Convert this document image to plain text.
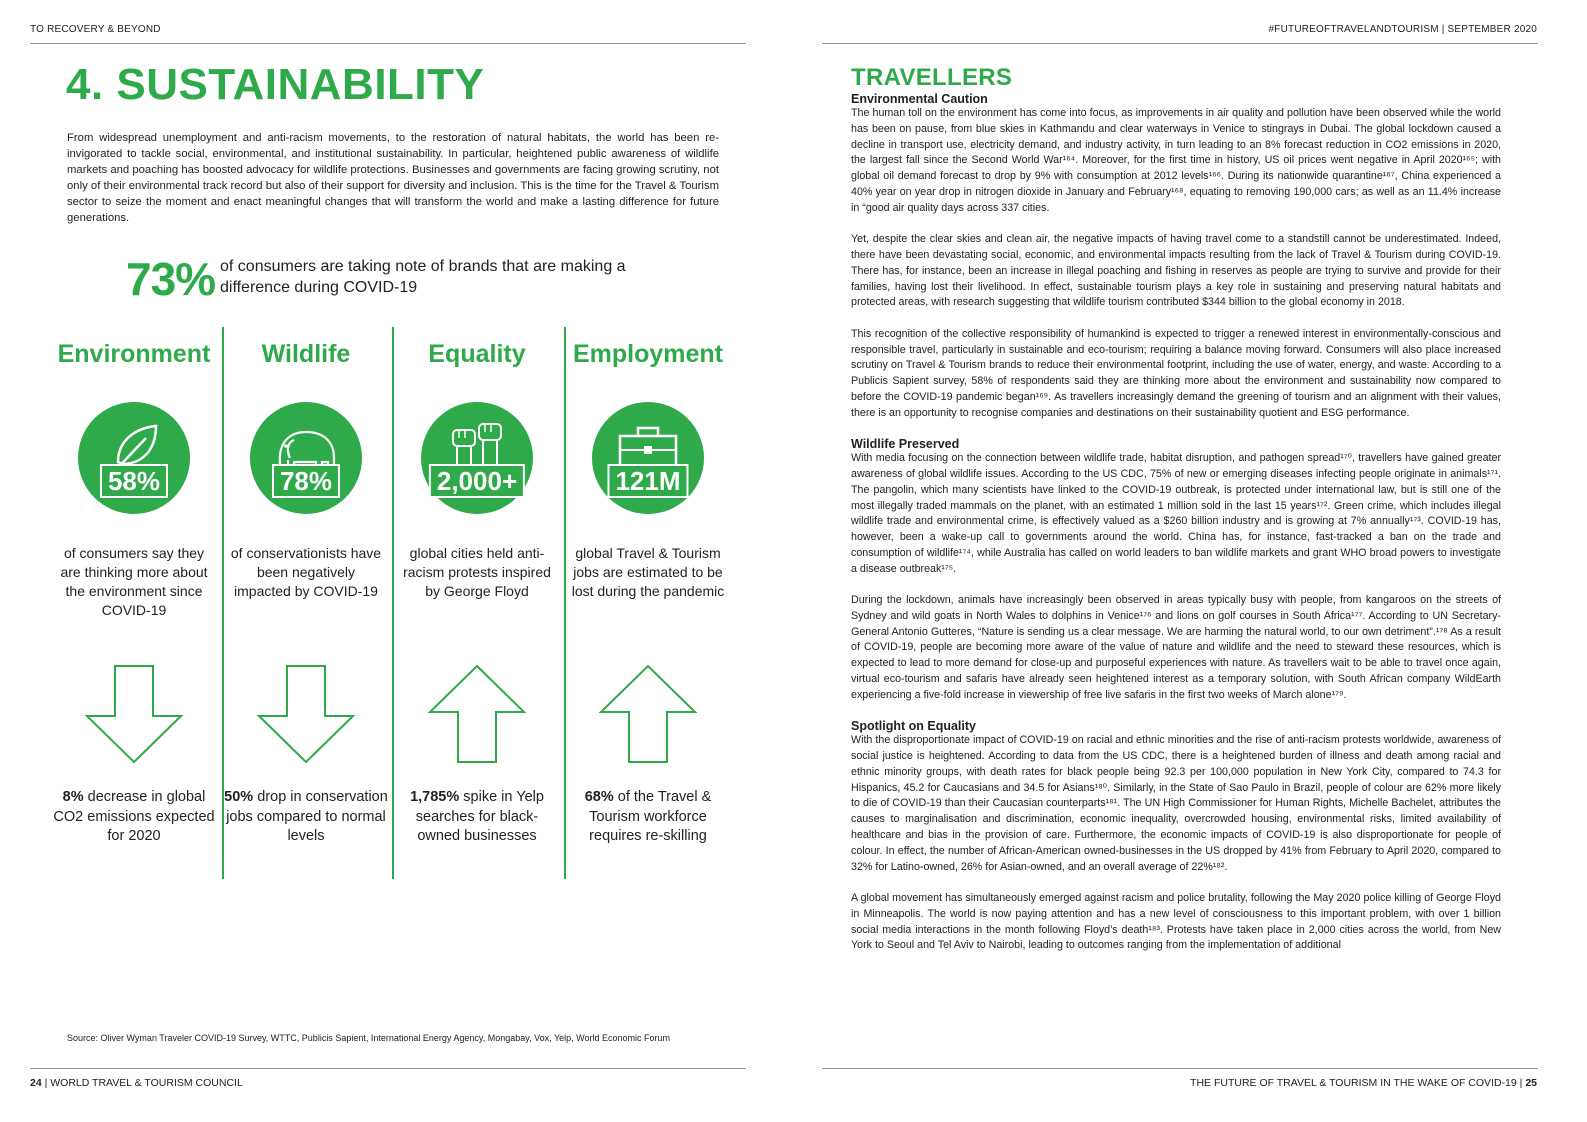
TO RECOVERY & BEYOND	#FUTUREOFTRAVELANDTOURISM | SEPTEMBER 2020
4. SUSTAINABILITY

From widespread unemployment and anti-racism movements, to the restoration of natural habitats, the world has been re-invigorated to tackle social, environmental, and institutional sustainability. In particular, heightened public awareness of wildlife markets and poaching has boosted advocacy for wildlife protections. Businesses and governments are facing growing scrutiny, not only of their environmental track record but also of their support for diversity and inclusion. This is the time for the Travel & Tourism sector to seize the moment and enact meaningful changes that will transform the world and make a lasting difference for future generations.

73% of consumers are taking note of brands that are making a difference during COVID-19
Environment
58%
of consumers say they are thinking more about the environment since COVID-19
8% decrease in global CO2 emissions expected for 2020
Wildlife
78%
of conservationists have been negatively impacted by COVID-19
50% drop in conservation jobs compared to normal levels
Equality
2,000+
global cities held anti-racism protests inspired by George Floyd
1,785% spike in Yelp searches for black-owned businesses
Employment
121M
global Travel & Tourism jobs are estimated to be lost during the pandemic
68% of the Travel & Tourism workforce requires re-skilling
Source: Oliver Wyman Traveler COVID-19 Survey, WTTC, Publicis Sapient, International Energy Agency, Mongabay, Vox, Yelp, World Economic Forum
TRAVELLERS
Environmental Caution

The human toll on the environment has come into focus, as improvements in air quality and pollution have been observed while the world has been on pause, from blue skies in Kathmandu and clear waterways in Venice to stingrays in Dubai. The global lockdown caused a decline in transport use, electricity demand, and industry activity, in turn leading to an 8% forecast reduction in CO2 emissions in 2020, the largest fall since the Second World War¹⁶⁴. Moreover, for the first time in history, US oil prices went negative in April 2020¹⁶⁵; with global oil demand forecast to drop by 9% with consumption at 2012 levels¹⁶⁶. During its nationwide quarantine¹⁶⁷, China experienced a 40% year on year drop in nitrogen dioxide in January and February¹⁶⁸, equating to removing 190,000 cars; as well as an 11.4% increase in “good air quality days across 337 cities.

Yet, despite the clear skies and clean air, the negative impacts of having travel come to a standstill cannot be underestimated. Indeed, there have been devastating social, economic, and environmental impacts resulting from the lack of Travel & Tourism during COVID-19. There has, for instance, been an increase in illegal poaching and fishing in reserves as people are trying to survive and provide for their families, having lost their livelihood. In effect, sustainable tourism plays a key role in sustaining and preserving natural habitats and protected areas, with research suggesting that wildlife tourism contributed $344 billion to the global economy in 2018.

This recognition of the collective responsibility of humankind is expected to trigger a renewed interest in environmentally-conscious and responsible travel, particularly in sustainable and eco-tourism; requiring a balance moving forward. Consumers will also place increased scrutiny on Travel & Tourism brands to reduce their environmental footprint, including the use of water, energy, and waste. According to a Publicis Sapient survey, 58% of respondents said they are thinking more about the environment and sustainability now compared to before the COVID-19 pandemic began¹⁶⁹. As travellers increasingly demand the greening of tourism and an alignment with their values, there is an opportunity to recognise companies and destinations on their sustainability quotient and ESG performance.

Wildlife Preserved

With media focusing on the connection between wildlife trade, habitat disruption, and pathogen spread¹⁷⁰, travellers have gained greater awareness of global wildlife issues. According to the US CDC, 75% of new or emerging diseases infecting people originate in animals¹⁷¹. The pangolin, which many scientists have linked to the COVID-19 outbreak, is protected under international law, but is still one of the most illegally traded mammals on the planet, with an estimated 1 million sold in the last 15 years¹⁷². Green crime, which includes illegal wildlife trade and environmental crime, is effectively valued as a $260 billion industry and is growing at 7% annually¹⁷³. COVID-19 has, however, been a wake-up call to governments around the world. China has, for instance, fast-tracked a ban on the trade and consumption of wildlife¹⁷⁴, while Australia has called on world leaders to ban wildlife markets and grant WHO broad powers to investigate a disease outbreak¹⁷⁵.

During the lockdown, animals have increasingly been observed in areas typically busy with people, from kangaroos on the streets of Sydney and wild goats in North Wales to dolphins in Venice¹⁷⁶ and lions on golf courses in South Africa¹⁷⁷. According to UN Secretary-General Antonio Gutteres, “Nature is sending us a clear message. We are harming the natural world, to our own detriment”.¹⁷⁸ As a result of COVID-19, people are becoming more aware of the value of nature and wildlife and the need to steward these resources, which is expected to lead to more demand for close-up and purposeful experiences with nature. As travellers wait to be able to travel once again, virtual eco-tourism and safaris have already seen heightened interest as a temporary solution, with South African company WildEarth experiencing a five-fold increase in viewership of free live safaris in the first two weeks of March alone¹⁷⁹.

Spotlight on Equality

With the disproportionate impact of COVID-19 on racial and ethnic minorities and the rise of anti-racism protests worldwide, awareness of social justice is heightened. According to data from the US CDC, there is a heightened burden of illness and death among racial and ethnic minority groups, with death rates for black people being 92.3 per 100,000 population in New York City, compared to 74.3 for Hispanics, 45.2 for Caucasians and 34.5 for Asians¹⁸⁰. Similarly, in the State of Sao Paulo in Brazil, people of colour are 62% more likely to die of COVID-19 than their Caucasian counterparts¹⁸¹. The UN High Commissioner for Human Rights, Michelle Bachelet, attributes the causes to marginalisation and discrimination, economic inequality, overcrowded housing, environmental risks, limited availability of healthcare and bias in the provision of care. Furthermore, the economic impacts of COVID-19 is also disproportionate for people of colour. In effect, the number of African-American owned-businesses in the US dropped by 41% from February to April 2020, compared to 32% for Latino-owned, 26% for Asian-owned, and an overall average of 22%¹⁸².

A global movement has simultaneously emerged against racism and police brutality, following the May 2020 police killing of George Floyd in Minneapolis. The world is now paying attention and has a new level of consciousness to this important problem, with over 1 billion social media interactions in the month following Floyd’s death¹⁸³. Protests have taken place in 2,000 cities across the world, from New York to Seoul and Tel Aviv to Nairobi, leading to outcomes ranging from the implementation of additional

24 | WORLD TRAVEL & TOURISM COUNCIL	THE FUTURE OF TRAVEL & TOURISM IN THE WAKE OF COVID-19 | 25
